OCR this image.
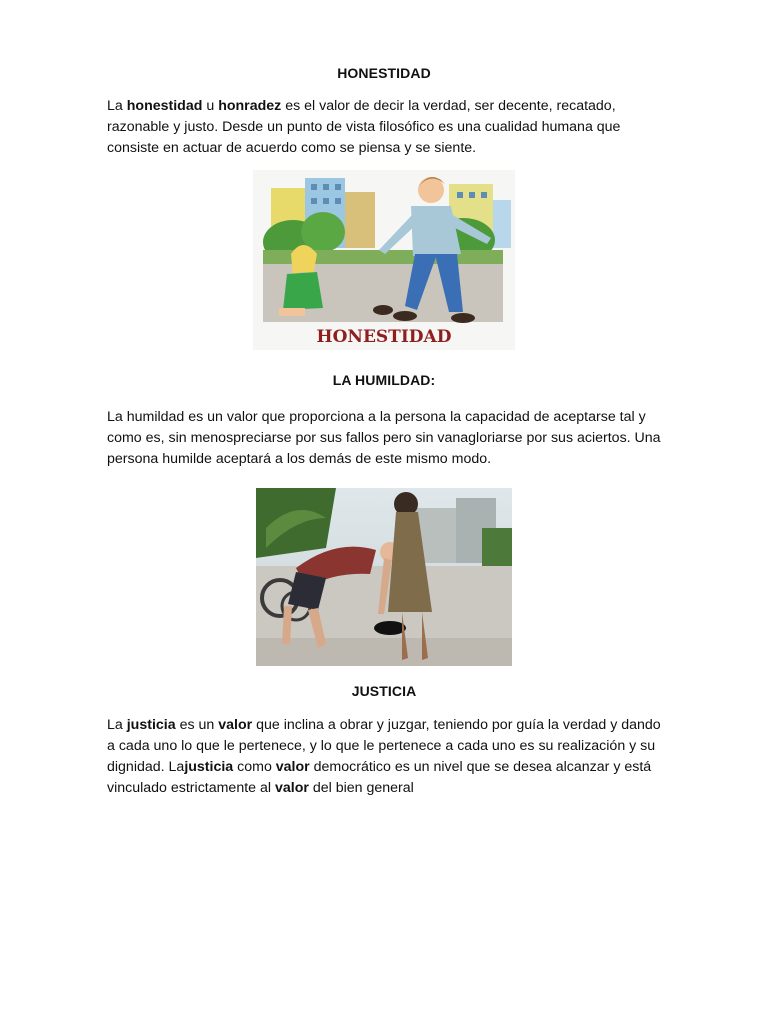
HONESTIDAD
La honestidad u honradez es el valor de decir la verdad, ser decente, recatado, razonable y justo. Desde un punto de vista filosófico es una cualidad humana que consiste en actuar de acuerdo como se piensa y se siente.
HONESTIDAD
LA HUMILDAD:
La humildad es un valor que proporciona a la persona la capacidad de aceptarse tal y como es, sin menospreciarse por sus fallos pero sin vanagloriarse por sus aciertos. Una persona humilde aceptará a los demás de este mismo modo.
JUSTICIA
La justicia es un valor que inclina a obrar y juzgar, teniendo por guía la verdad y dando a cada uno lo que le pertenece, y lo que le pertenece a cada uno es su realización y su dignidad. Lajusticia como valor democrático es un nivel que se desea alcanzar y está vinculado estrictamente al valor del bien general
